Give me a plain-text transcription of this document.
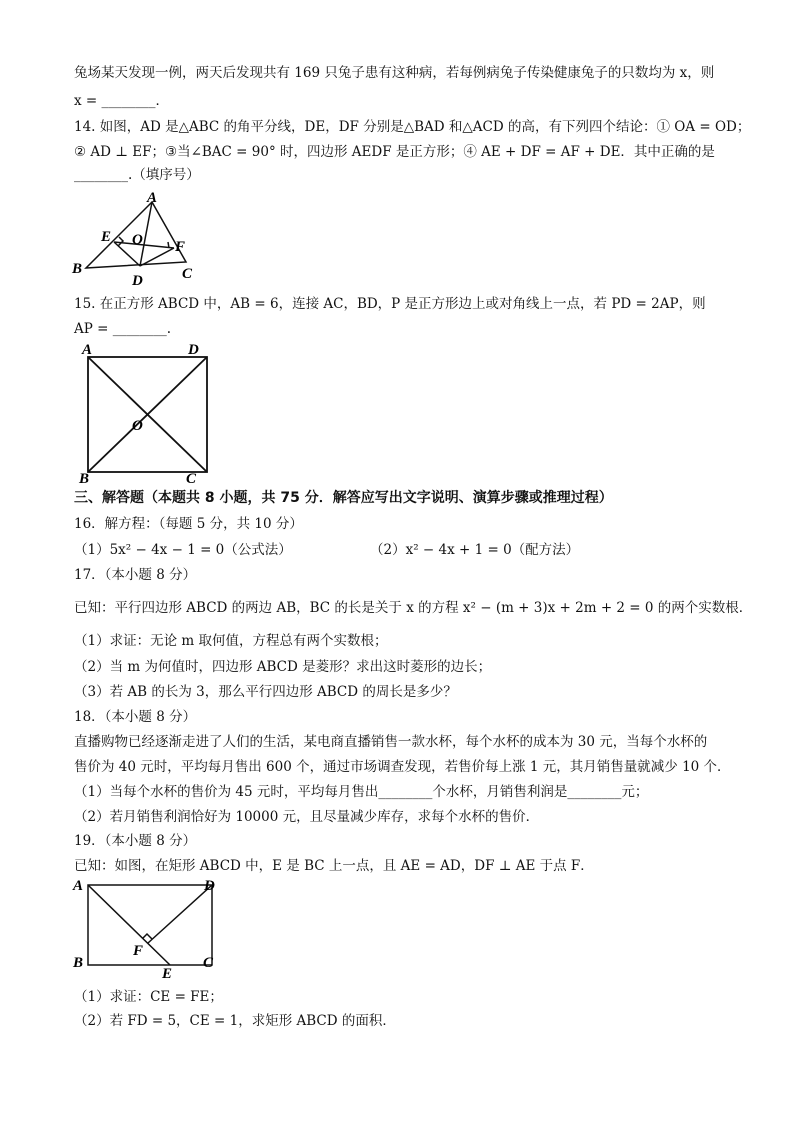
兔场某天发现一例，两天后发现共有 169 只兔子患有这种病，若每例病兔子传染健康兔子的只数均为 x，则
x = ________．
14. 如图，AD 是△ABC 的角平分线，DE，DF 分别是△BAD 和△ACD 的高，有下列四个结论：① OA = OD；
② AD ⊥ EF；③当∠BAC = 90° 时，四边形 AEDF 是正方形；④ AE + DF = AF + DE．其中正确的是
________.（填序号）
A
E O F
B
D	C
15. 在正方形 ABCD 中，AB = 6，连接 AC，BD，P 是正方形边上或对角线上一点，若 PD = 2AP，则
AP = ________.
A	D
O
B	C
三、解答题（本题共 8 小题，共 75 分．解答应写出文字说明、演算步骤或推理过程）
16．解方程：（每题 5 分，共 10 分）
（1）5x² − 4x − 1 = 0（公式法）	（2）x² − 4x + 1 = 0（配方法）
17．（本小题 8 分）
已知：平行四边形 ABCD 的两边 AB，BC 的长是关于 x 的方程 x² − (m + 3)x + 2m + 2 = 0 的两个实数根．
（1）求证：无论 m 取何值，方程总有两个实数根；
（2）当 m 为何值时，四边形 ABCD 是菱形？求出这时菱形的边长；
（3）若 AB 的长为 3，那么平行四边形 ABCD 的周长是多少？
18．（本小题 8 分）
直播购物已经逐渐走进了人们的生活，某电商直播销售一款水杯，每个水杯的成本为 30 元，当每个水杯的
售价为 40 元时，平均每月售出 600 个，通过市场调查发现，若售价每上涨 1 元，其月销售量就减少 10 个．
（1）当每个水杯的售价为 45 元时，平均每月售出________个水杯，月销售利润是________元；
（2）若月销售利润恰好为 10000 元，且尽量减少库存，求每个水杯的售价．
19．（本小题 8 分）
已知：如图，在矩形 ABCD 中，E 是 BC 上一点，且 AE = AD，DF ⊥ AE 于点 F．
A	D
F
B
E
C
（1）求证：CE = FE；
（2）若 FD = 5，CE = 1，求矩形 ABCD 的面积．
